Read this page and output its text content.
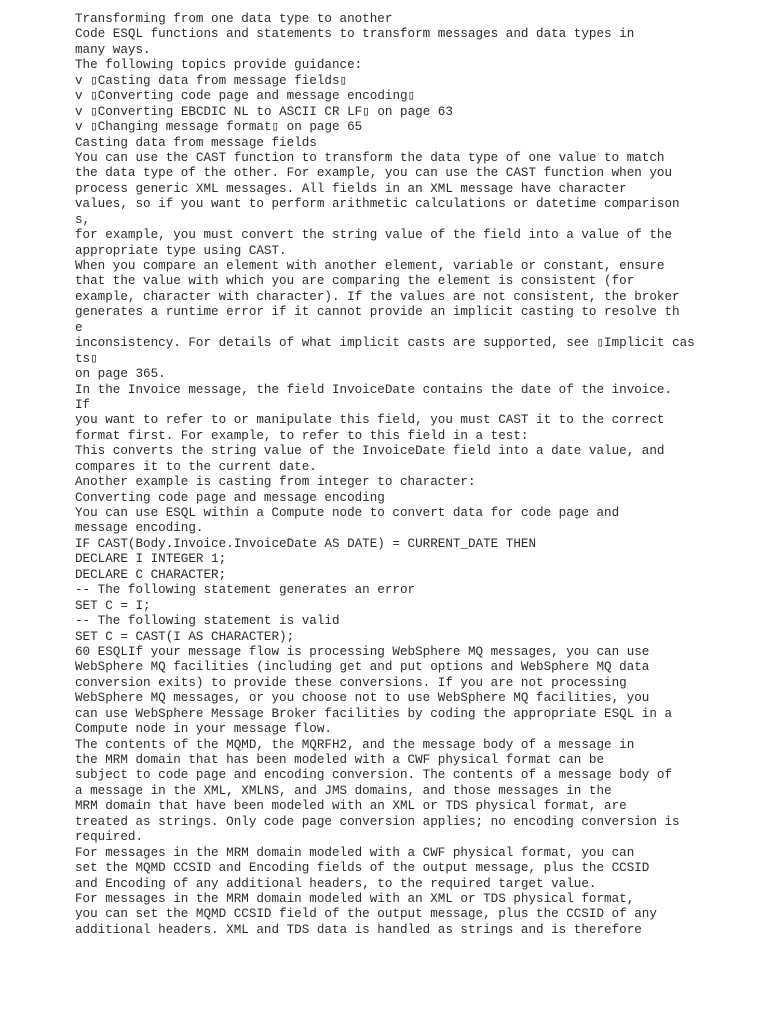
Transforming from one data type to another
Code ESQL functions and statements to transform messages and data types in
many ways.
The following topics provide guidance:
v ▯Casting data from message fields▯
v ▯Converting code page and message encoding▯
v ▯Converting EBCDIC NL to ASCII CR LF▯ on page 63
v ▯Changing message format▯ on page 65
Casting data from message fields
You can use the CAST function to transform the data type of one value to match
the data type of the other. For example, you can use the CAST function when you
process generic XML messages. All fields in an XML message have character
values, so if you want to perform arithmetic calculations or datetime comparison
s,
for example, you must convert the string value of the field into a value of the
appropriate type using CAST.
When you compare an element with another element, variable or constant, ensure
that the value with which you are comparing the element is consistent (for
example, character with character). If the values are not consistent, the broker
generates a runtime error if it cannot provide an implicit casting to resolve th
e
inconsistency. For details of what implicit casts are supported, see ▯Implicit cas
ts▯
on page 365.
In the Invoice message, the field InvoiceDate contains the date of the invoice.
If
you want to refer to or manipulate this field, you must CAST it to the correct
format first. For example, to refer to this field in a test:
This converts the string value of the InvoiceDate field into a date value, and
compares it to the current date.
Another example is casting from integer to character:
Converting code page and message encoding
You can use ESQL within a Compute node to convert data for code page and
message encoding.
IF CAST(Body.Invoice.InvoiceDate AS DATE) = CURRENT_DATE THEN
DECLARE I INTEGER 1;
DECLARE C CHARACTER;
-- The following statement generates an error
SET C = I;
-- The following statement is valid
SET C = CAST(I AS CHARACTER);
60 ESQLIf your message flow is processing WebSphere MQ messages, you can use
WebSphere MQ facilities (including get and put options and WebSphere MQ data
conversion exits) to provide these conversions. If you are not processing
WebSphere MQ messages, or you choose not to use WebSphere MQ facilities, you
can use WebSphere Message Broker facilities by coding the appropriate ESQL in a
Compute node in your message flow.
The contents of the MQMD, the MQRFH2, and the message body of a message in
the MRM domain that has been modeled with a CWF physical format can be
subject to code page and encoding conversion. The contents of a message body of
a message in the XML, XMLNS, and JMS domains, and those messages in the
MRM domain that have been modeled with an XML or TDS physical format, are
treated as strings. Only code page conversion applies; no encoding conversion is
required.
For messages in the MRM domain modeled with a CWF physical format, you can
set the MQMD CCSID and Encoding fields of the output message, plus the CCSID
and Encoding of any additional headers, to the required target value.
For messages in the MRM domain modeled with an XML or TDS physical format,
you can set the MQMD CCSID field of the output message, plus the CCSID of any
additional headers. XML and TDS data is handled as strings and is therefore
